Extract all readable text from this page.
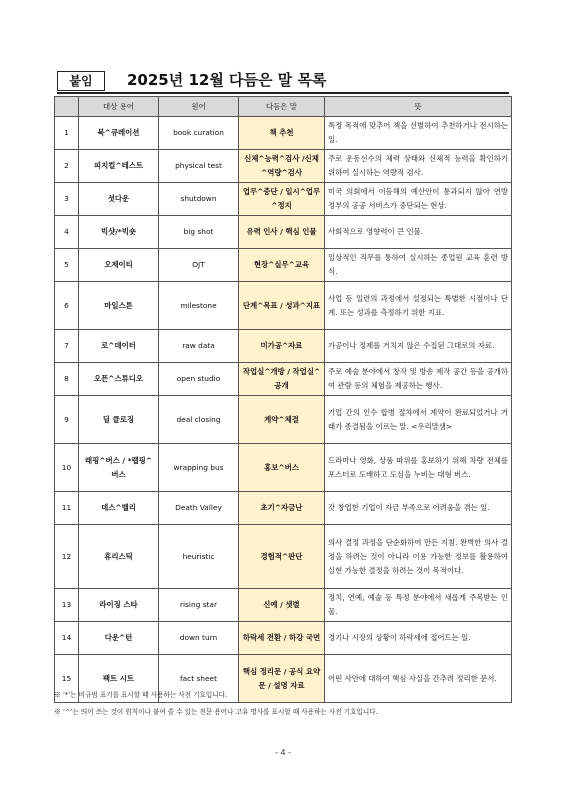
붙임	2025년 12월 다듬은 말 목록
	대상 용어	원어	다듬은 말	뜻
1	북^큐레이션	book curation	책 추천	특정 목적에 맞추어 책을 선별하여 추천하거나 전시하는 일.
2	피지컬^테스트	physical test	신체^능력^검사 /신체^역량^검사	주로 운동선수의 체력 상태와 신체적 능력을 확인하기 위하여 실시하는 역량적 검사.
3	셧다운	shutdown	업무^중단 / 일시^업무^정지	미국 의회에서 이듬해의 예산안이 통과되지 않아 연방 정부의 공공 서비스가 중단되는 현상.
4	빅샷/*빅숏	big shot	유력 인사 / 핵심 인물	사회적으로 영향력이 큰 인물.
5	오제이티	OJT	현장^실무^교육	일상적인 직무를 통하여 실시하는 종업원 교육 훈련 방식.
6	마일스톤	milestone	단계^목표 / 성과^지표	사업 등 일련의 과정에서 설정되는 특별한 시점이나 단계. 또는 성과를 측정하기 위한 지표.
7	로^데이터	raw data	미가공^자료	가공이나 정제를 거치지 않은 수집된 그대로의 자료.
8	오픈^스튜디오	open studio	작업실^개방 / 작업실^공개	주로 예술 분야에서 창작 및 방송 제작 공간 등을 공개하여 관람 등의 체험을 제공하는 행사.
9	딜 클로징	deal closing	계약^체결	기업 간의 인수 합병 절차에서 계약이 완료되었거나 거래가 종결됨을 이르는 말. <우리말샘>
10	래핑^버스 / *랩핑^버스	wrapping bus	홍보^버스	드라마나 영화, 상품 따위를 홍보하기 위해 차량 전체를 포스터로 도배하고 도심을 누비는 대형 버스.
11	데스^밸리	Death Valley	초기^자금난	갓 창업한 기업이 자금 부족으로 어려움을 겪는 일.
12	휴리스틱	heuristic	경험적^판단	의사 결정 과정을 단순화하여 만든 지침. 완벽한 의사 결정을 하려는 것이 아니라 이용 가능한 정보를 활용하여 실현 가능한 결정을 하려는 것이 목적이다.
13	라이징 스타	rising star	신예 / 샛별	정치, 연예, 예술 등 특정 분야에서 새롭게 주목받는 인물.
14	다운^턴	down turn	하락세 전환 / 하강 국면	경기나 시장의 상황이 하락세에 접어드는 일.
15	팩트 시트	fact sheet	핵심 정리문 / 공식 요약문 / 설명 자료	어떤 사안에 대하여 핵심 사실을 간추려 정리한 문서.
※ ‘*’는 비규범 표기를 표시할 때 사용하는 사전 기호입니다.
※ ‘^’는 띄어 쓰는 것이 원칙이나 붙여 쓸 수 있는 전문 용어나 고유 명사를 표시할 때 사용하는 사전 기호입니다.
- 4 -
